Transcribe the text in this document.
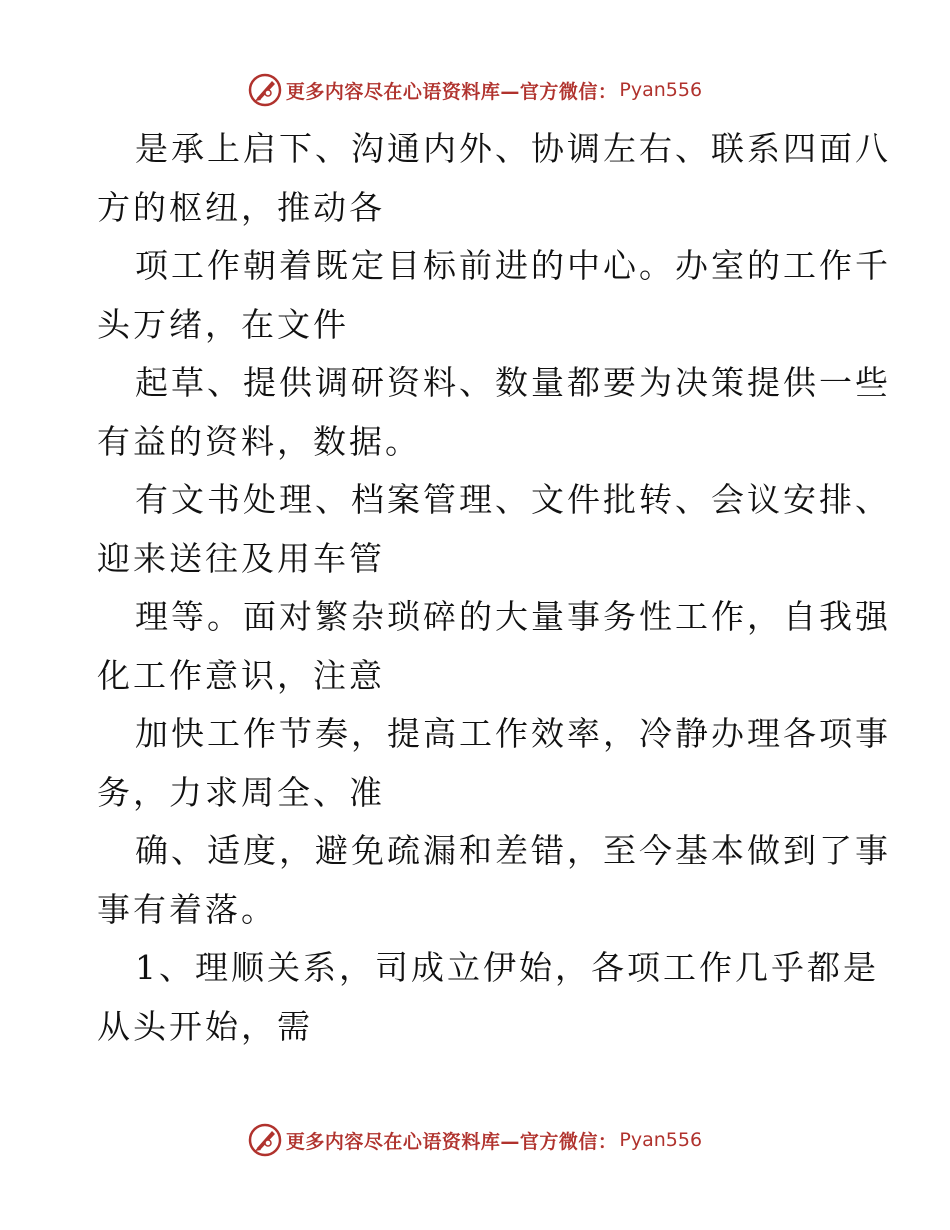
更多内容尽在心语资料库—官方微信： Pyan556
是承上启下、沟通内外、协调左右、联系四面八
方的枢纽，推动各
项工作朝着既定目标前进的中心。办室的工作千
头万绪，在文件
起草、提供调研资料、数量都要为决策提供一些
有益的资料，数据。
有文书处理、档案管理、文件批转、会议安排、
迎来送往及用车管
理等。面对繁杂琐碎的大量事务性工作，自我强
化工作意识，注意
加快工作节奏，提高工作效率，冷静办理各项事
务，力求周全、准
确、适度，避免疏漏和差错，至今基本做到了事
事有着落。
1、理顺关系，司成立伊始，各项工作几乎都是
从头开始，需
更多内容尽在心语资料库—官方微信： Pyan556
